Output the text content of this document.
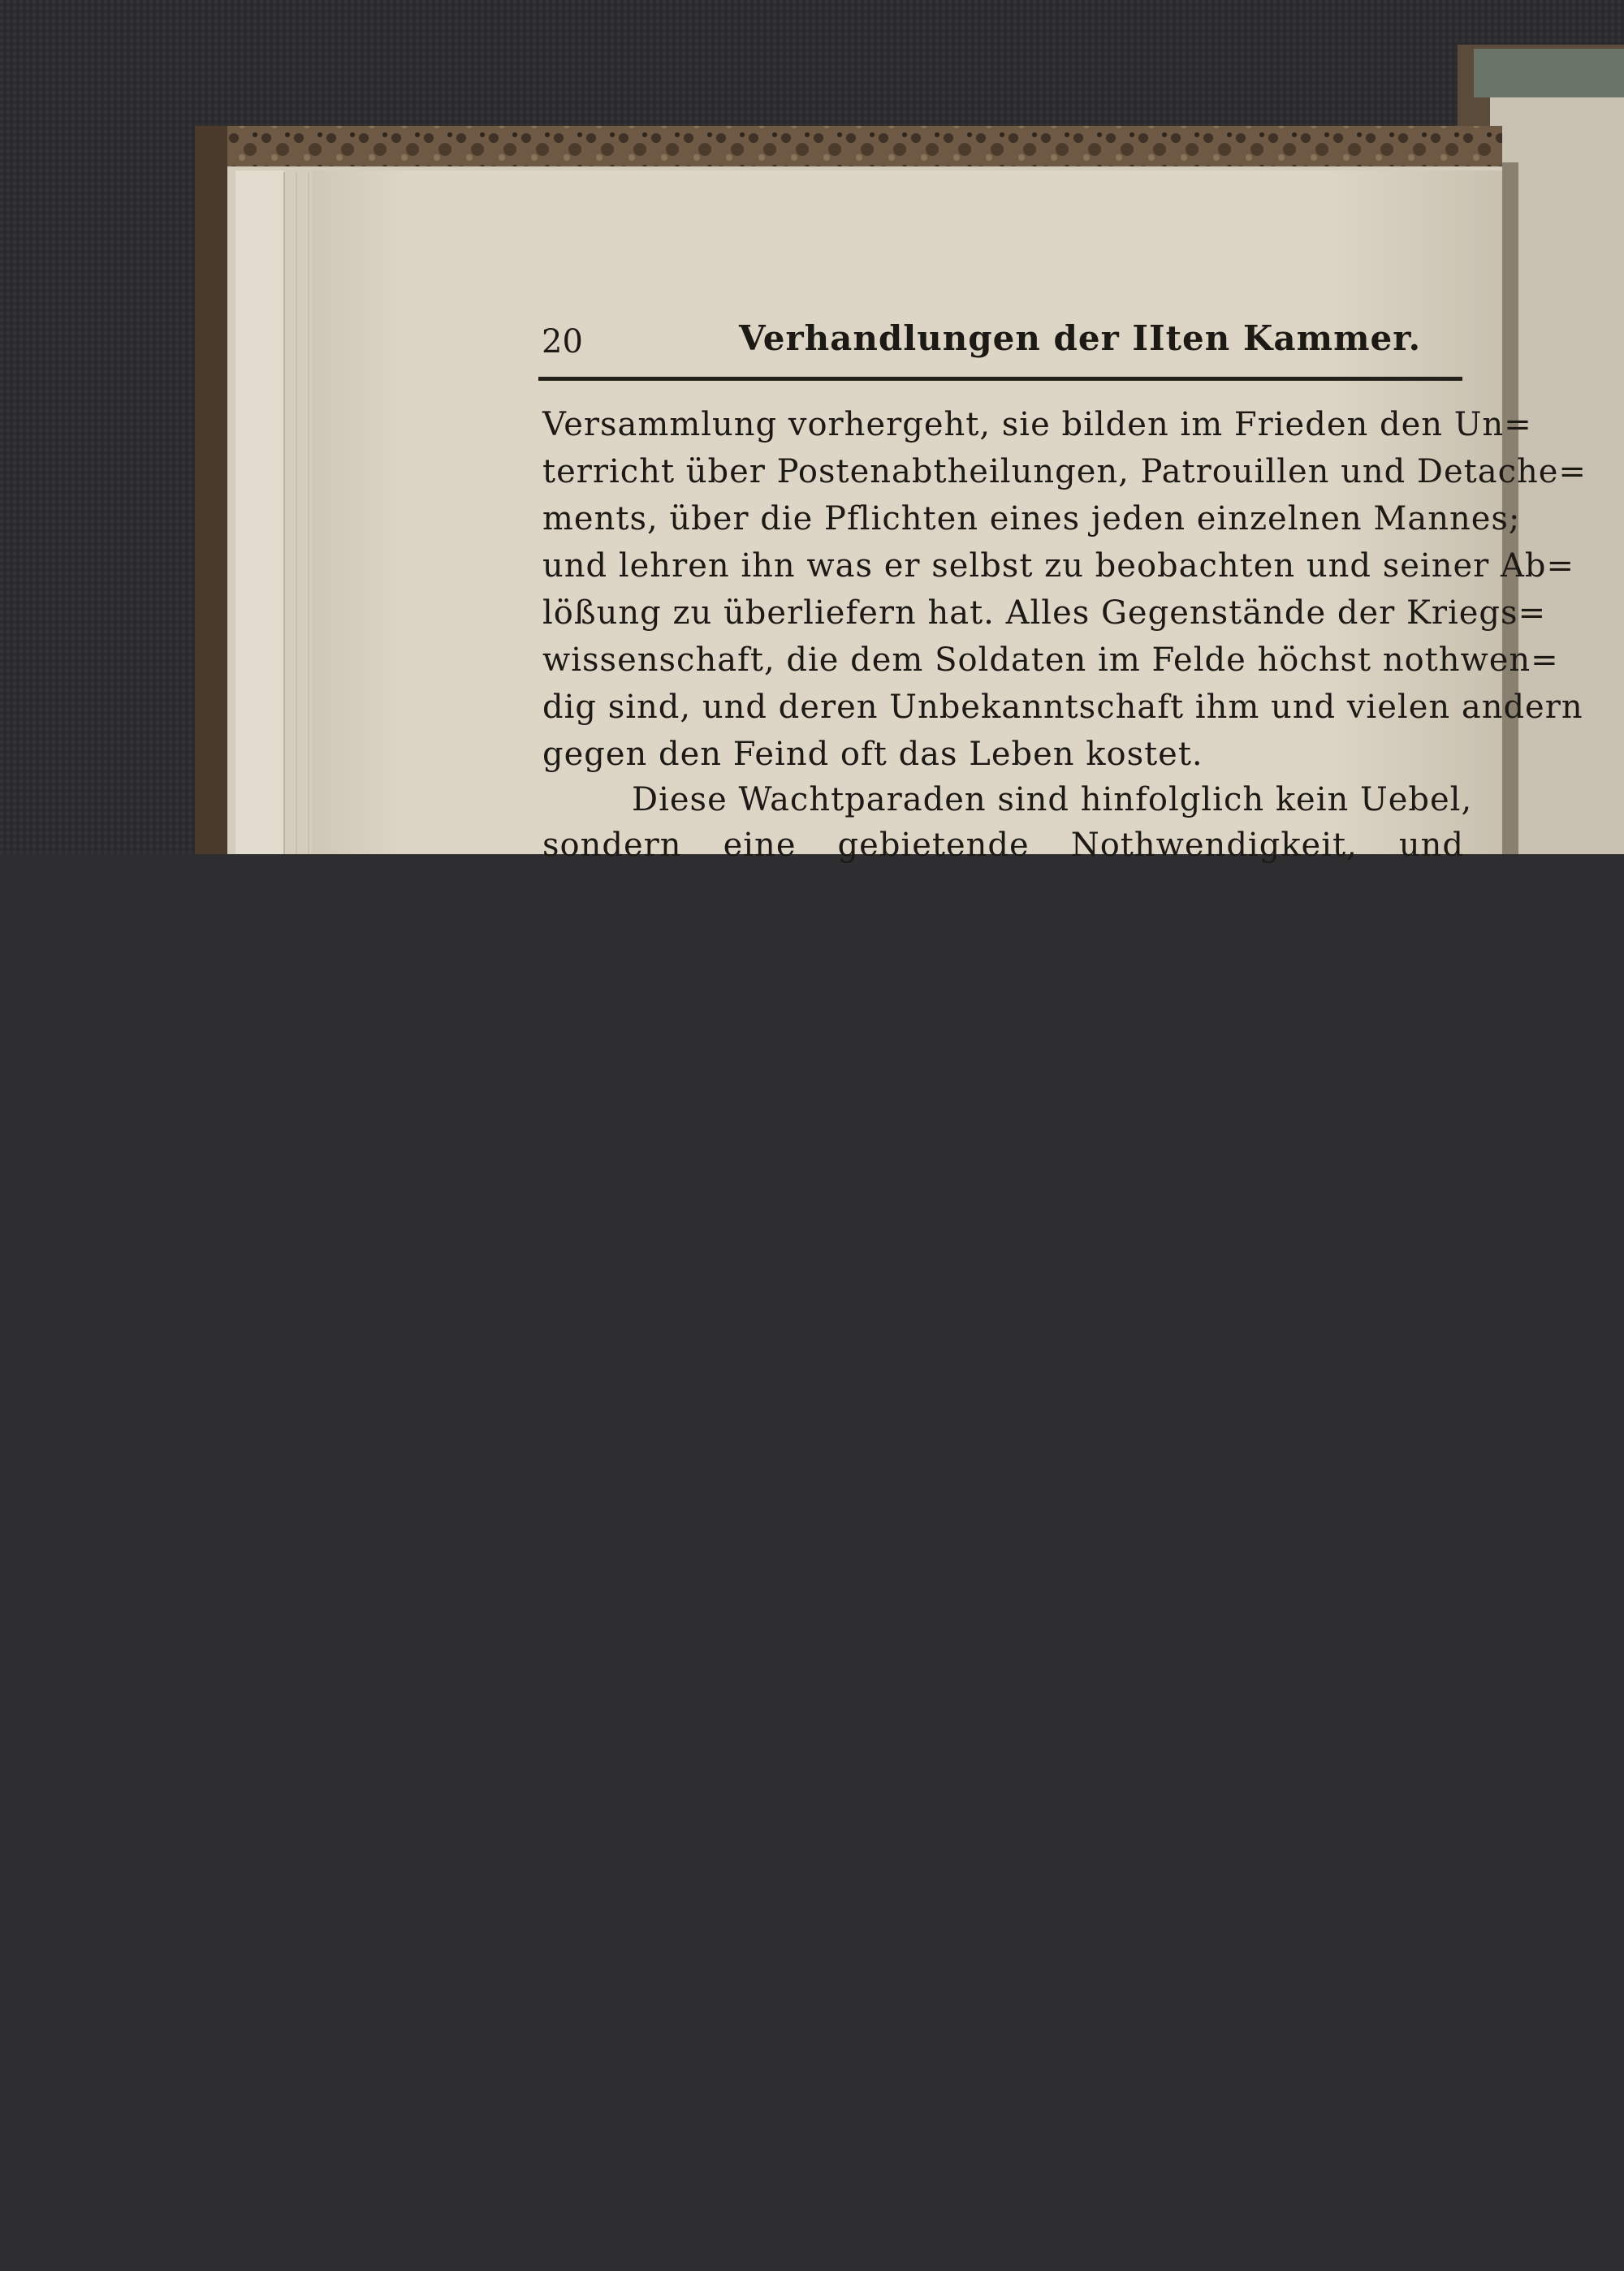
20	Verhandlungen der IIten Kammer.
Versammlung vorhergeht, sie bilden im Frieden den Un=
terricht über Postenabtheilungen, Patrouillen und Detache=
ments, über die Pflichten eines jeden einzelnen Mannes;
und lehren ihn was er selbst zu beobachten und seiner Ab=
lößung zu überliefern hat. Alles Gegenstände der Kriegs=
wissenschaft, die dem Soldaten im Felde höchst nothwen=
dig sind, und deren Unbekanntschaft ihm und vielen andern
gegen den Feind oft das Leben kostet.
Diese Wachtparaden sind hinfolglich kein Uebel,
sondern eine gebietende Nothwendigkeit, und
